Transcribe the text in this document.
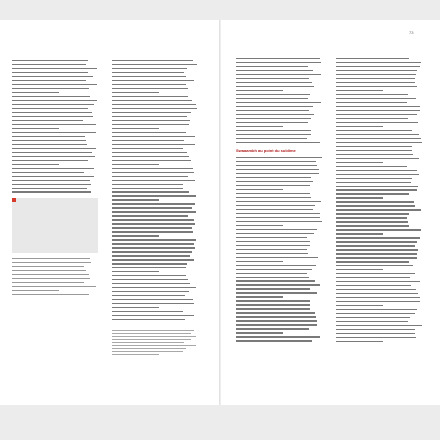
73
Swaaambh au point du sublime
